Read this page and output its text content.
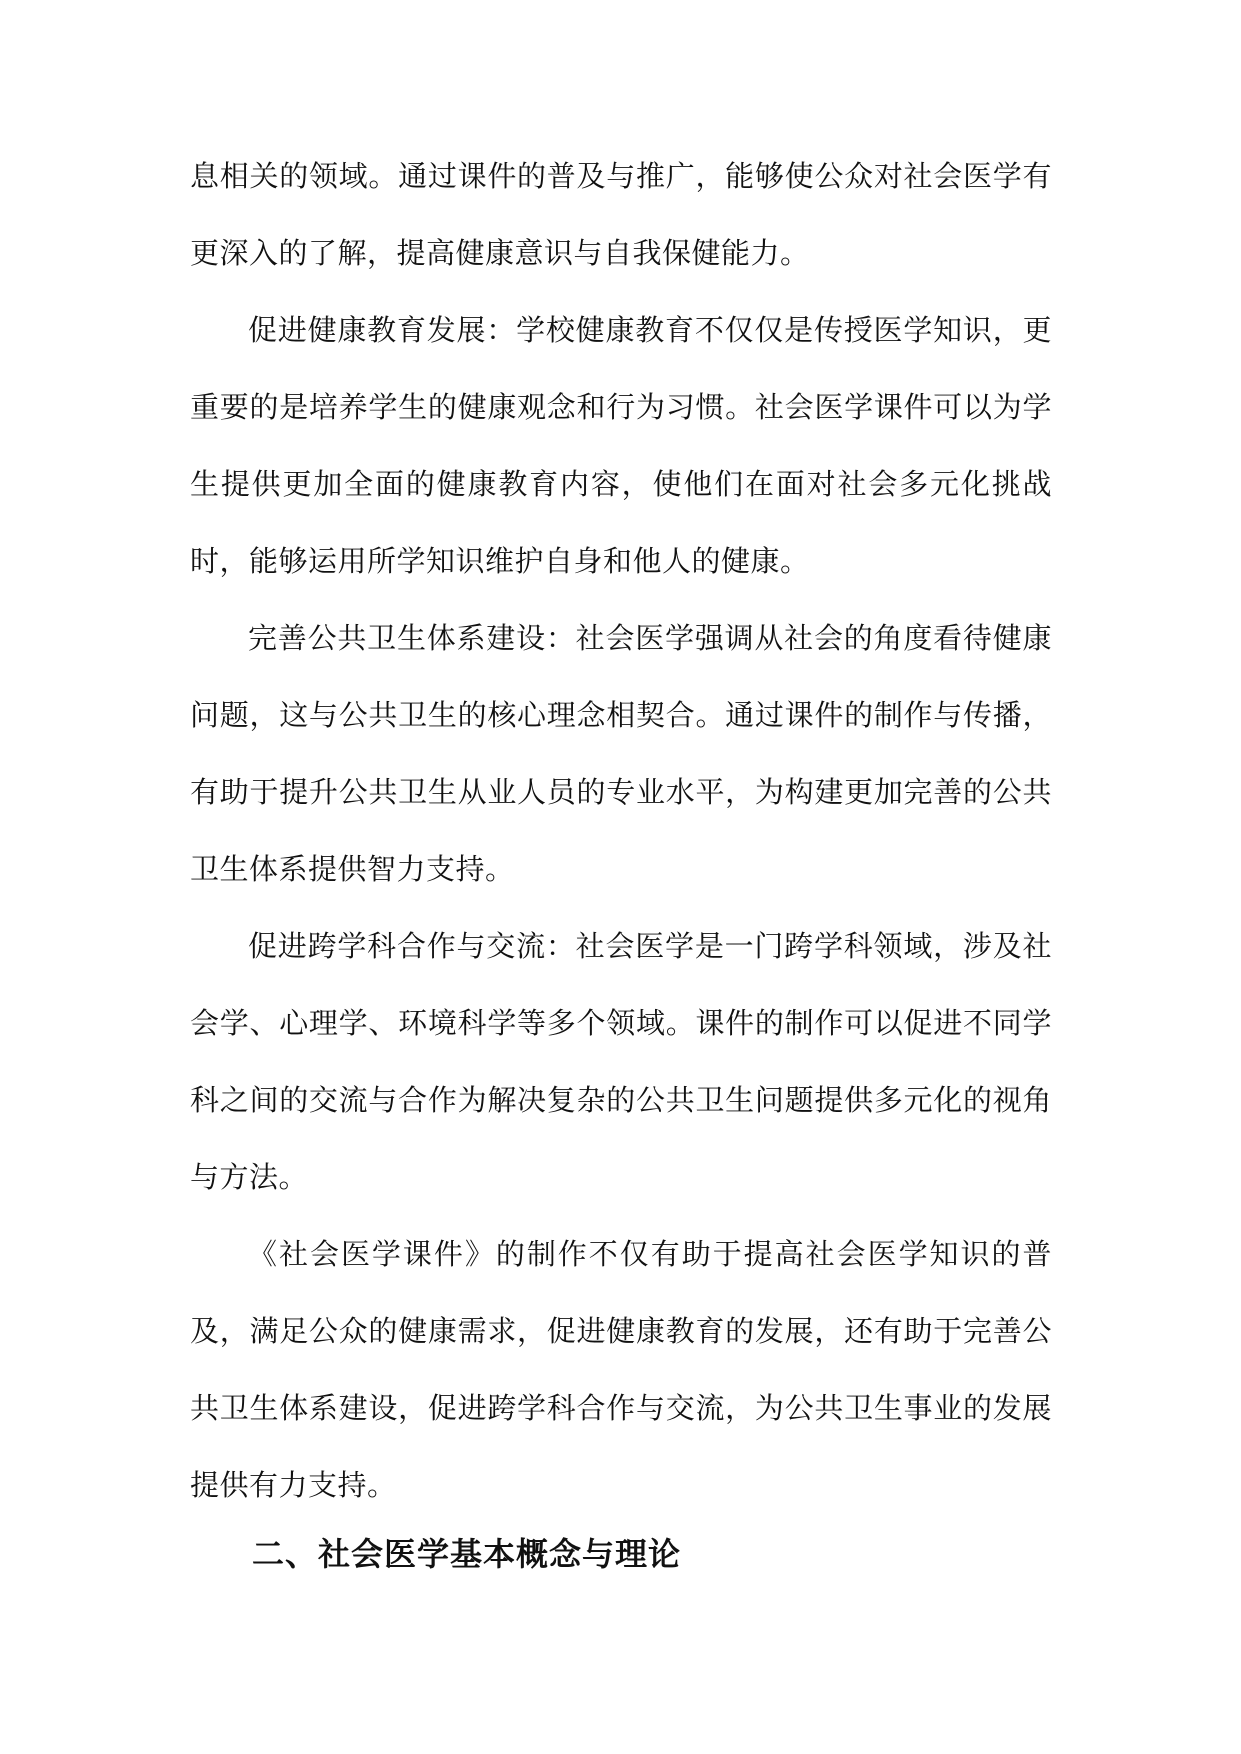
息相关的领域。通过课件的普及与推广，能够使公众对社会医学有更深入的了解，提高健康意识与自我保健能力。

促进健康教育发展：学校健康教育不仅仅是传授医学知识，更重要的是培养学生的健康观念和行为习惯。社会医学课件可以为学生提供更加全面的健康教育内容，使他们在面对社会多元化挑战时，能够运用所学知识维护自身和他人的健康。

完善公共卫生体系建设：社会医学强调从社会的角度看待健康问题，这与公共卫生的核心理念相契合。通过课件的制作与传播，有助于提升公共卫生从业人员的专业水平，为构建更加完善的公共卫生体系提供智力支持。

促进跨学科合作与交流：社会医学是一门跨学科领域，涉及社会学、心理学、环境科学等多个领域。课件的制作可以促进不同学科之间的交流与合作为解决复杂的公共卫生问题提供多元化的视角与方法。

《社会医学课件》的制作不仅有助于提高社会医学知识的普及，满足公众的健康需求，促进健康教育的发展，还有助于完善公共卫生体系建设，促进跨学科合作与交流，为公共卫生事业的发展提供有力支持。

二、社会医学基本概念与理论
